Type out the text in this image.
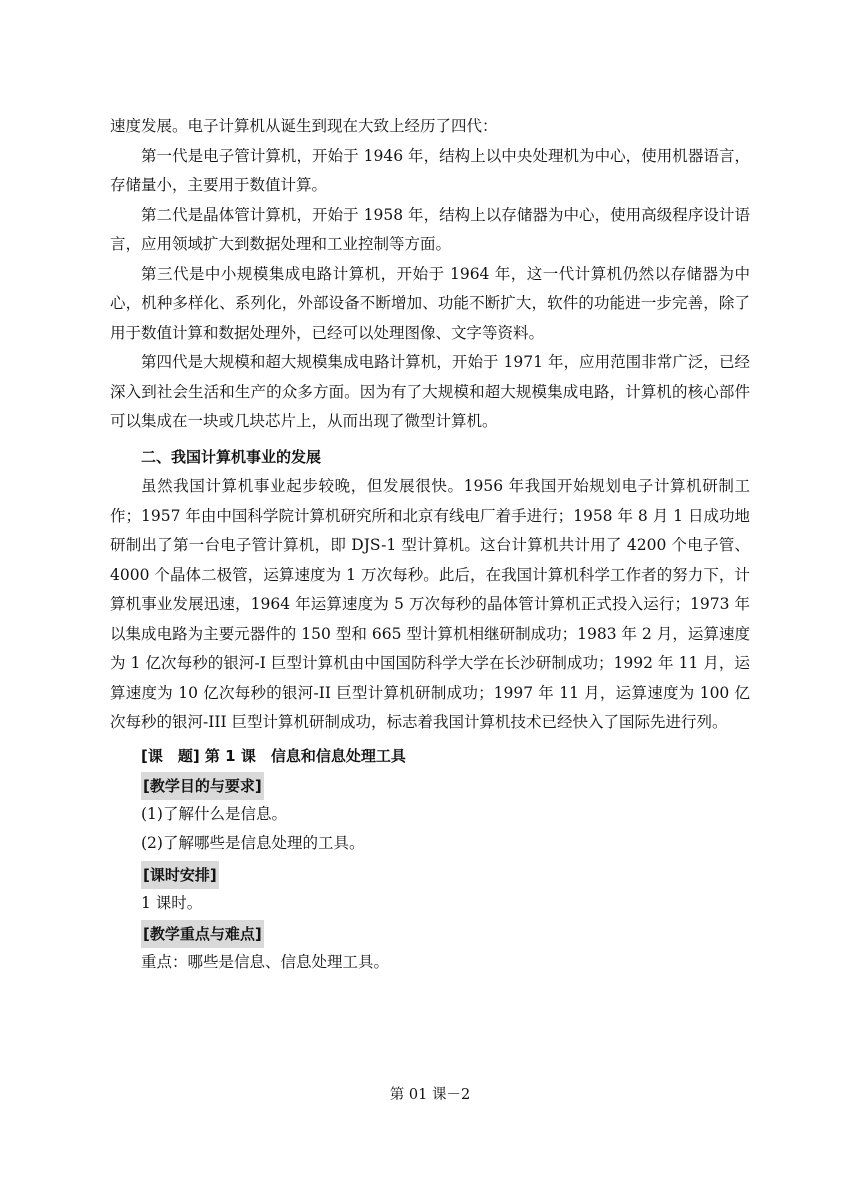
速度发展。电子计算机从诞生到现在大致上经历了四代：

第一代是电子管计算机，开始于 1946 年，结构上以中央处理机为中心，使用机器语言，存储量小，主要用于数值计算。

第二代是晶体管计算机，开始于 1958 年，结构上以存储器为中心，使用高级程序设计语言，应用领域扩大到数据处理和工业控制等方面。

第三代是中小规模集成电路计算机，开始于 1964 年，这一代计算机仍然以存储器为中心，机种多样化、系列化，外部设备不断增加、功能不断扩大，软件的功能进一步完善，除了用于数值计算和数据处理外，已经可以处理图像、文字等资料。

第四代是大规模和超大规模集成电路计算机，开始于 1971 年，应用范围非常广泛，已经深入到社会生活和生产的众多方面。因为有了大规模和超大规模集成电路，计算机的核心部件可以集成在一块或几块芯片上，从而出现了微型计算机。

二、我国计算机事业的发展

虽然我国计算机事业起步较晚，但发展很快。1956 年我国开始规划电子计算机研制工作；1957 年由中国科学院计算机研究所和北京有线电厂着手进行；1958 年 8 月 1 日成功地研制出了第一台电子管计算机，即 DJS-1 型计算机。这台计算机共计用了 4200 个电子管、4000 个晶体二极管，运算速度为 1 万次每秒。此后，在我国计算机科学工作者的努力下，计算机事业发展迅速，1964 年运算速度为 5 万次每秒的晶体管计算机正式投入运行；1973 年以集成电路为主要元器件的 150 型和 665 型计算机相继研制成功；1983 年 2 月，运算速度为 1 亿次每秒的银河-I 巨型计算机由中国国防科学大学在长沙研制成功；1992 年 11 月，运算速度为 10 亿次每秒的银河-II 巨型计算机研制成功；1997 年 11 月，运算速度为 100 亿次每秒的银河-III 巨型计算机研制成功，标志着我国计算机技术已经快入了国际先进行列。

[课　题] 第 1 课　信息和信息处理工具
[教学目的与要求]
(1)了解什么是信息。
(2)了解哪些是信息处理的工具。
[课时安排]
1 课时。
[教学重点与难点]
重点：哪些是信息、信息处理工具。
第 01 课－2
